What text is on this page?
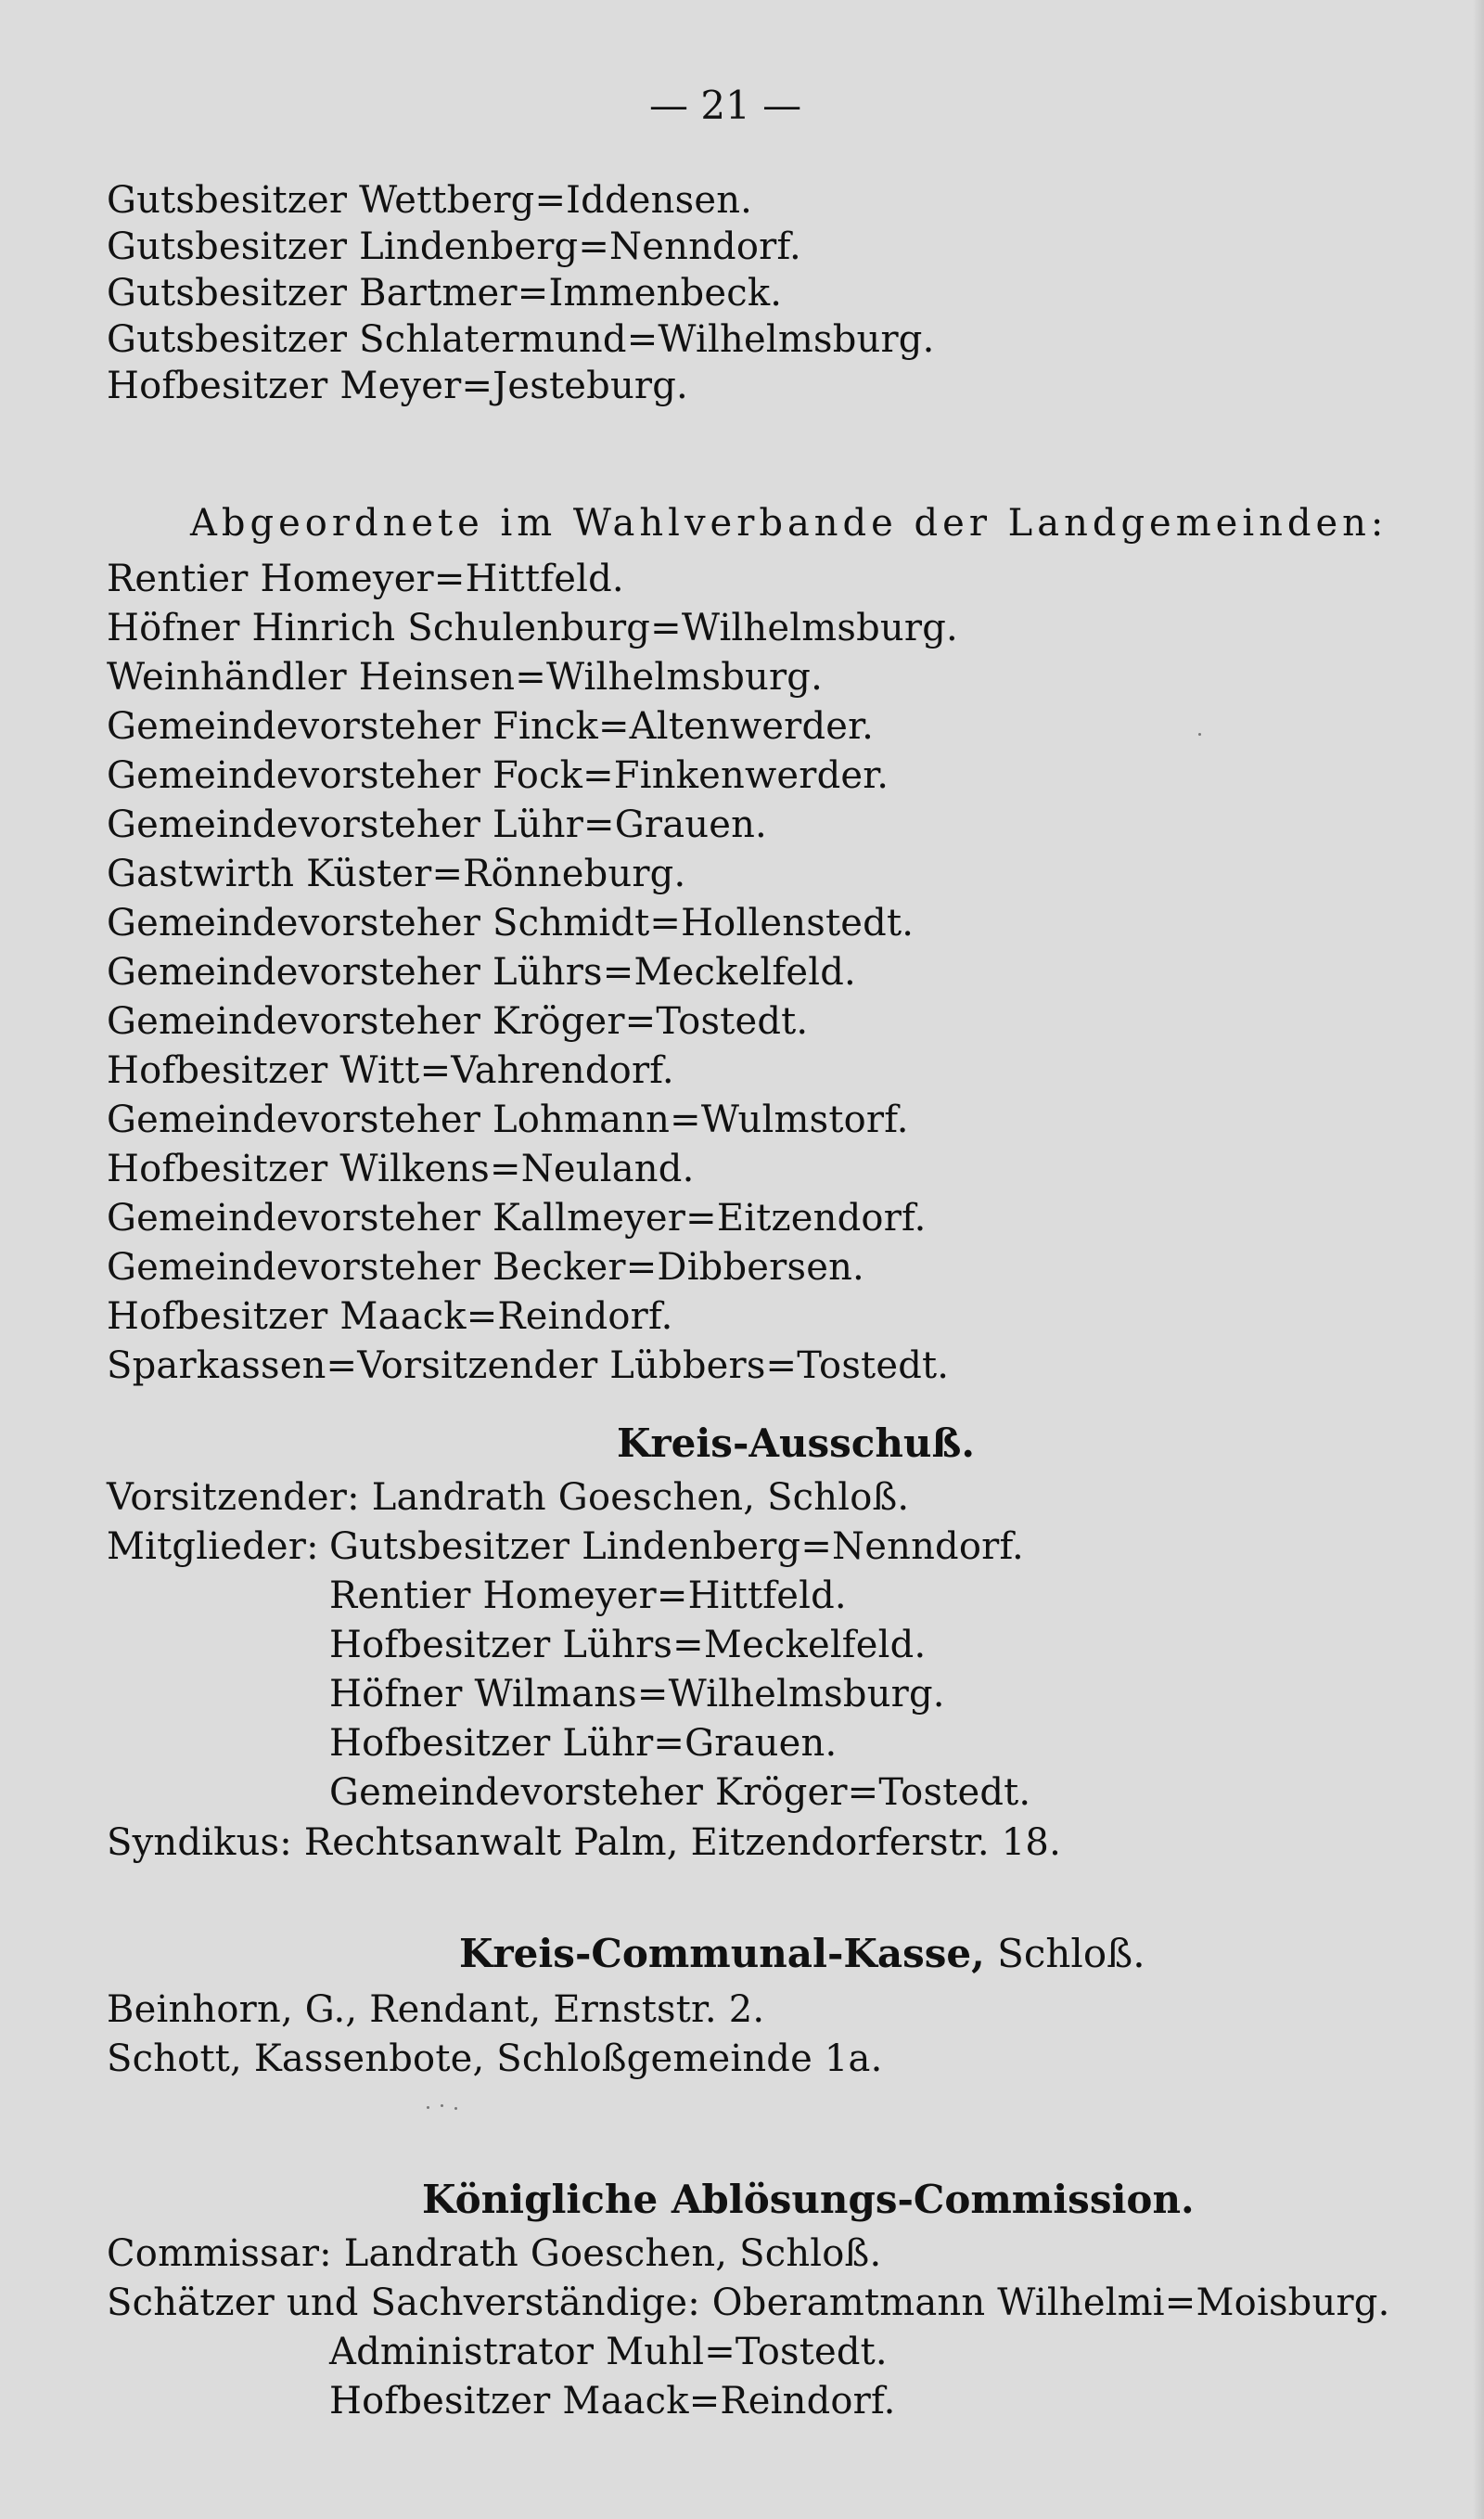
— 21 —
Gutsbesitzer Wettberg=Iddensen.
Gutsbesitzer Lindenberg=Nenndorf.
Gutsbesitzer Bartmer=Immenbeck.
Gutsbesitzer Schlatermund=Wilhelmsburg.
Hofbesitzer Meyer=Jesteburg.
Abgeordnete im Wahlverbande der Landgemeinden:
Rentier Homeyer=Hittfeld.
Höfner Hinrich Schulenburg=Wilhelmsburg.
Weinhändler Heinsen=Wilhelmsburg.
Gemeindevorsteher Finck=Altenwerder.
Gemeindevorsteher Fock=Finkenwerder.
Gemeindevorsteher Lühr=Grauen.
Gastwirth Küster=Rönneburg.
Gemeindevorsteher Schmidt=Hollenstedt.
Gemeindevorsteher Lührs=Meckelfeld.
Gemeindevorsteher Kröger=Tostedt.
Hofbesitzer Witt=Vahrendorf.
Gemeindevorsteher Lohmann=Wulmstorf.
Hofbesitzer Wilkens=Neuland.
Gemeindevorsteher Kallmeyer=Eitzendorf.
Gemeindevorsteher Becker=Dibbersen.
Hofbesitzer Maack=Reindorf.
Sparkassen=Vorsitzender Lübbers=Tostedt.
Kreis-Ausschuß.
Vorsitzender: Landrath Goeschen, Schloß.
Mitglieder: Gutsbesitzer Lindenberg=Nenndorf.
Rentier Homeyer=Hittfeld.
Hofbesitzer Lührs=Meckelfeld.
Höfner Wilmans=Wilhelmsburg.
Hofbesitzer Lühr=Grauen.
Gemeindevorsteher Kröger=Tostedt.
Syndikus: Rechtsanwalt Palm, Eitzendorferstr. 18.
Kreis-Communal-Kasse, Schloß.
Beinhorn, G., Rendant, Ernststr. 2.
Schott, Kassenbote, Schloßgemeinde 1a.
Königliche Ablösungs-Commission.
Commissar: Landrath Goeschen, Schloß.
Schätzer und Sachverständige: Oberamtmann Wilhelmi=Moisburg.
Administrator Muhl=Tostedt.
Hofbesitzer Maack=Reindorf.
